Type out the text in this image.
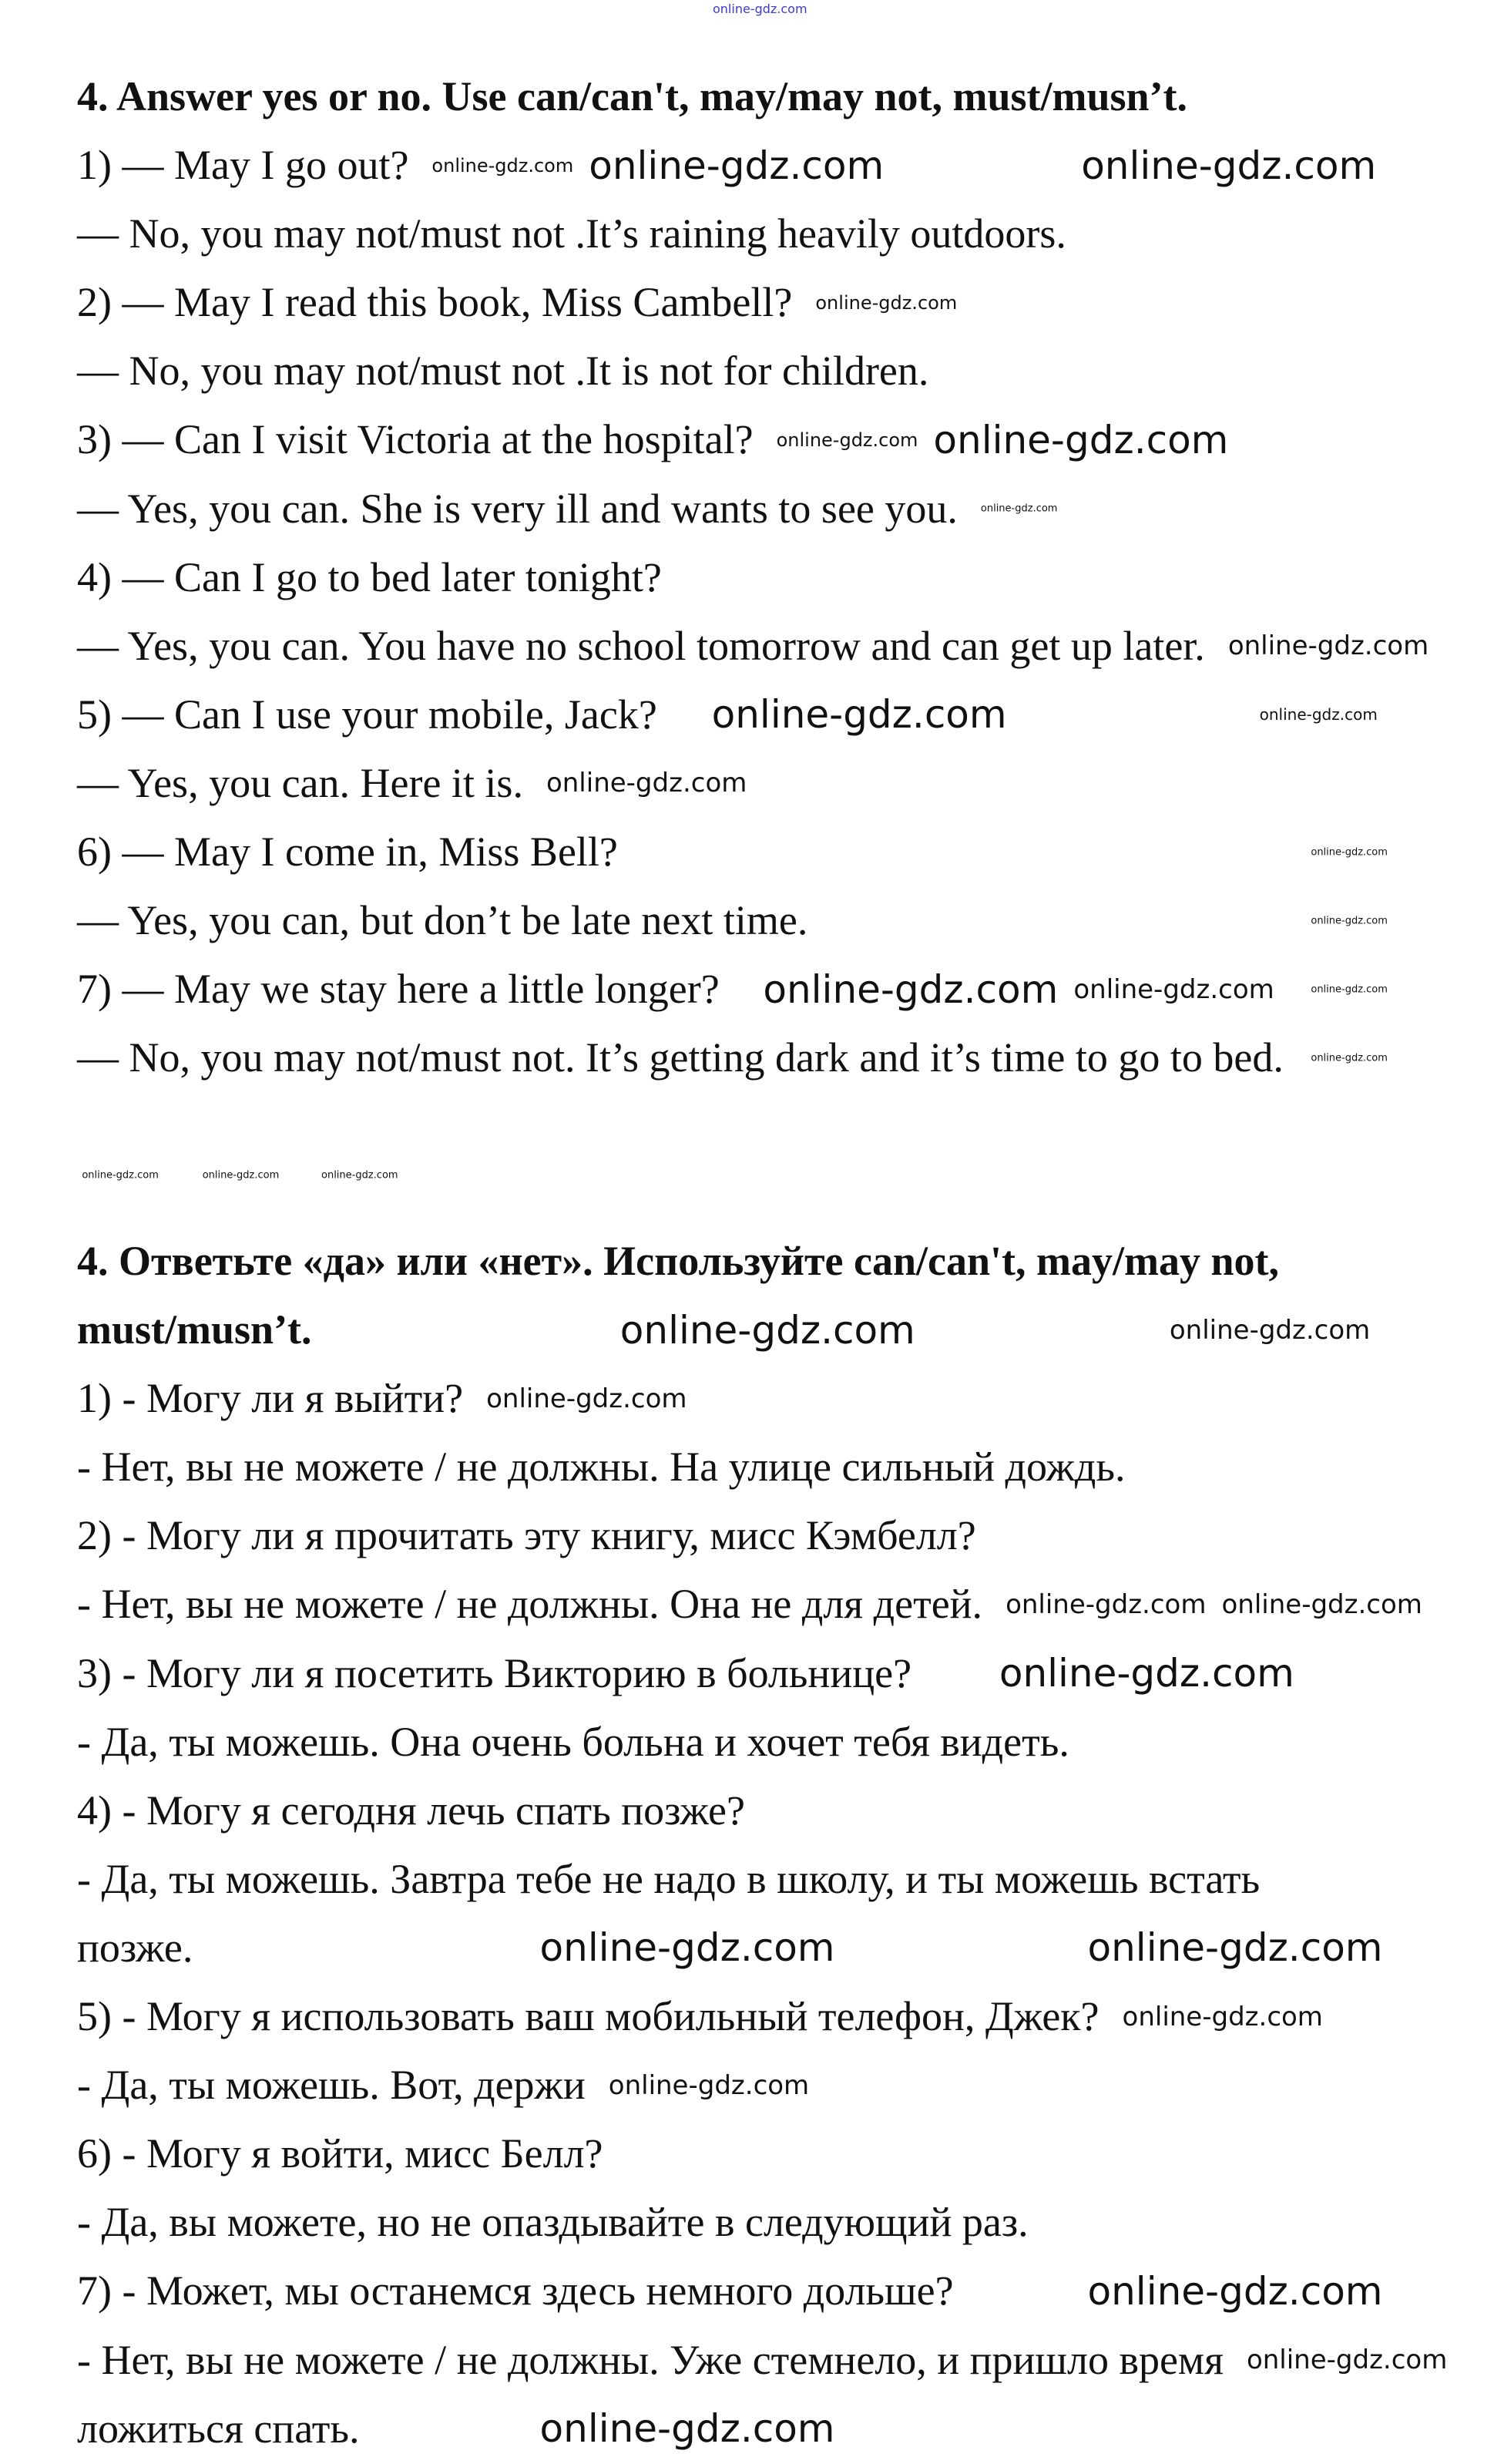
online-gdz.com
4. Answer yes or no. Use can/can't, may/may not, must/musn’t.
1) — May I go out?
— No, you may not/must not .It’s raining heavily outdoors.
2) — May I read this book, Miss Cambell?
— No, you may not/must not .It is not for children.
3) — Can I visit Victoria at the hospital?
— Yes, you can. She is very ill and wants to see you.
4) — Can I go to bed later tonight?
— Yes, you can. You have no school tomorrow and can get up later.
5) — Can I use your mobile, Jack?
— Yes, you can. Here it is.
6) — May I come in, Miss Bell?
— Yes, you can, but don’t be late next time.
7) — May we stay here a little longer?
— No, you may not/must not. It’s getting dark and it’s time to go to bed.
4. Ответьте «да» или «нет». Используйте can/can't, may/may not,
must/musn’t.
1) - Могу ли я выйти?
- Нет, вы не можете / не должны. На улице сильный дождь.
2) - Могу ли я прочитать эту книгу, мисс Кэмбелл?
- Нет, вы не можете / не должны. Она не для детей.
3) - Могу ли я посетить Викторию в больнице?
- Да, ты можешь. Она очень больна и хочет тебя видеть.
4) - Могу я сегодня лечь спать позже?
- Да, ты можешь. Завтра тебе не надо в школу, и ты можешь встать
позже.
5) - Могу я использовать ваш мобильный телефон, Джек?
- Да, ты можешь. Вот, держи
6) - Могу я войти, мисс Белл?
- Да, вы можете, но не опаздывайте в следующий раз.
7) - Может, мы останемся здесь немного дольше?
- Нет, вы не можете / не должны. Уже стемнело, и пришло время
ложиться спать.
online-gdz.com
online-gdz.com
online-gdz.com
online-gdz.com	online-gdz.com
online-gdz.com
online-gdz.com
online-gdz.com
online-gdz.com
online-gdz.com
online-gdz.com	online-gdz.com
online-gdz.com
online-gdz.com
online-gdz.com
online-gdz.com
online-gdz.com
online-gdz.com
online-gdz.com
online-gdz.com online-gdz.com
online-gdz.com
online-gdz.com
online-gdz.com
online-gdz.com
online-gdz.com
online-gdz.com
online-gdz.com
online-gdz.com
online-gdz.com	online-gdz.com	online-gdz.com
online-gdz.com
